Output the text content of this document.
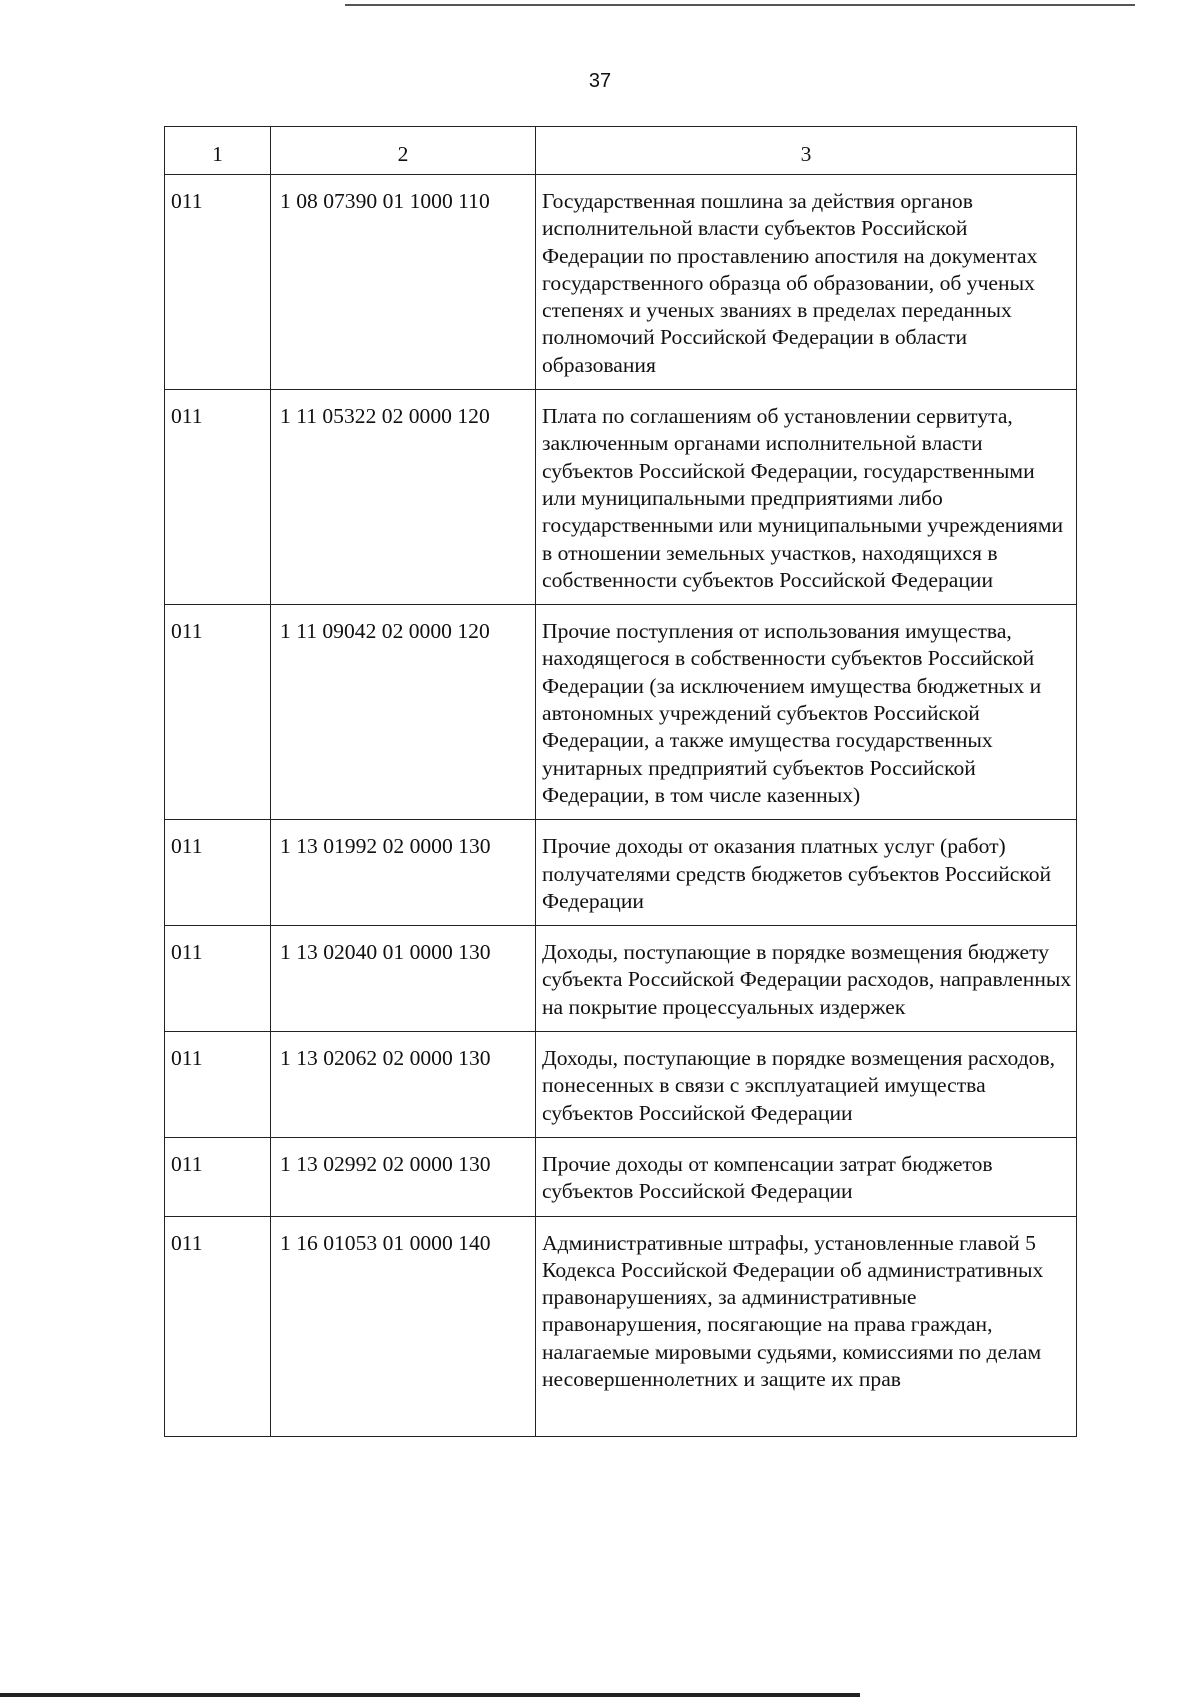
37
1	2	3
011	1 08 07390 01 1000 110	Государственная пошлина за действия органов исполнительной власти субъектов Российской Федерации по проставлению апостиля на документах государственного образца об образовании, об ученых степенях и ученых званиях в пределах переданных полномочий Российской Федерации в области образования
011	1 11 05322 02 0000 120	Плата по соглашениям об установлении сервитута, заключенным органами исполнительной власти субъектов Российской Федерации, государственными или муниципальными предприятиями либо государственными или муниципальными учреждениями в отношении земельных участков, находящихся в собственности субъектов Российской Федерации
011	1 11 09042 02 0000 120	Прочие поступления от использования имущества, находящегося в собственности субъектов Российской Федерации (за исключением имущества бюджетных и автономных учреждений субъектов Российской Федерации, а также имущества государственных унитарных предприятий субъектов Российской Федерации, в том числе казенных)
011	1 13 01992 02 0000 130	Прочие доходы от оказания платных услуг (работ) получателями средств бюджетов субъектов Российской Федерации
011	1 13 02040 01 0000 130	Доходы, поступающие в порядке возмещения бюджету субъекта Российской Федерации расходов, направленных на покрытие процессуальных издержек
011	1 13 02062 02 0000 130	Доходы, поступающие в порядке возмещения расходов, понесенных в связи с эксплуатацией имущества субъектов Российской Федерации
011	1 13 02992 02 0000 130	Прочие доходы от компенсации затрат бюджетов субъектов Российской Федерации
011	1 16 01053 01 0000 140	Административные штрафы, установленные главой 5 Кодекса Российской Федерации об административных правонарушениях, за административные правонарушения, посягающие на права граждан, налагаемые мировыми судьями, комиссиями по делам несовершеннолетних и защите их прав
